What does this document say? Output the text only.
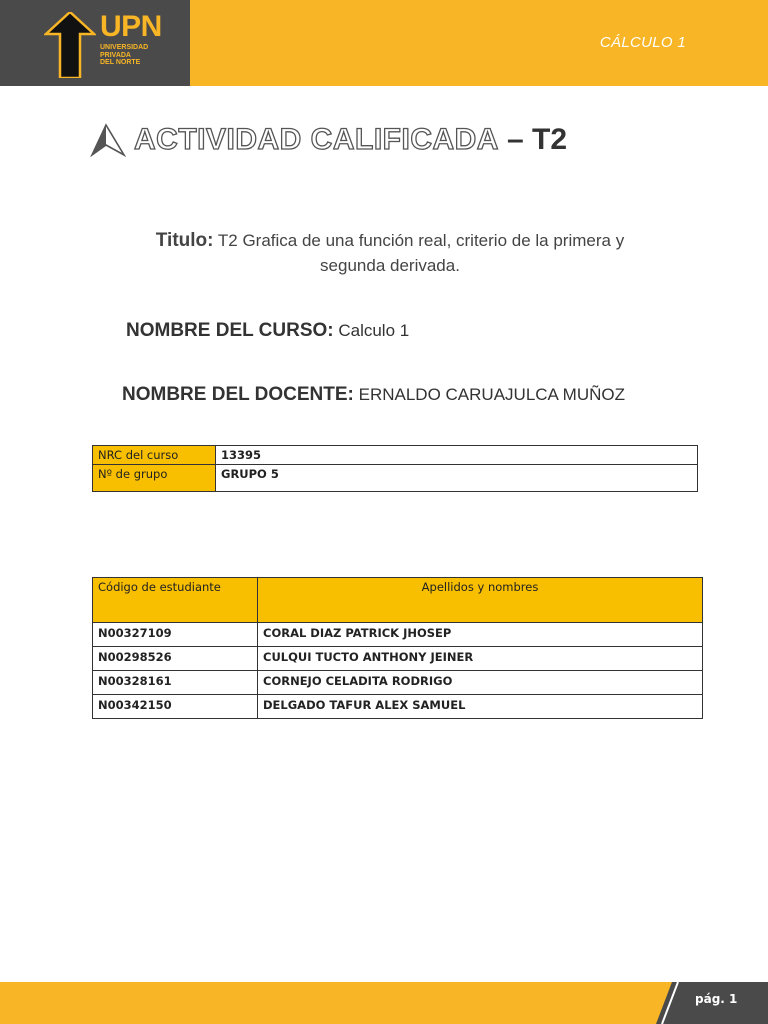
UPN
UNIVERSIDAD
PRIVADA
DEL NORTE
CÁLCULO 1
ACTIVIDAD CALIFICADA – T2
Titulo: T2 Grafica de una función real, criterio de la primera y
segunda derivada.
NOMBRE DEL CURSO: Calculo 1
NOMBRE DEL DOCENTE: ERNALDO CARUAJULCA MUÑOZ
NRC del curso	13395
Nº de grupo	GRUPO 5
Código de estudiante	Apellidos y nombres
N00327109	CORAL DIAZ PATRICK JHOSEP
N00298526	CULQUI TUCTO ANTHONY JEINER
N00328161	CORNEJO CELADITA RODRIGO
N00342150	DELGADO TAFUR ALEX SAMUEL
pág. 1
